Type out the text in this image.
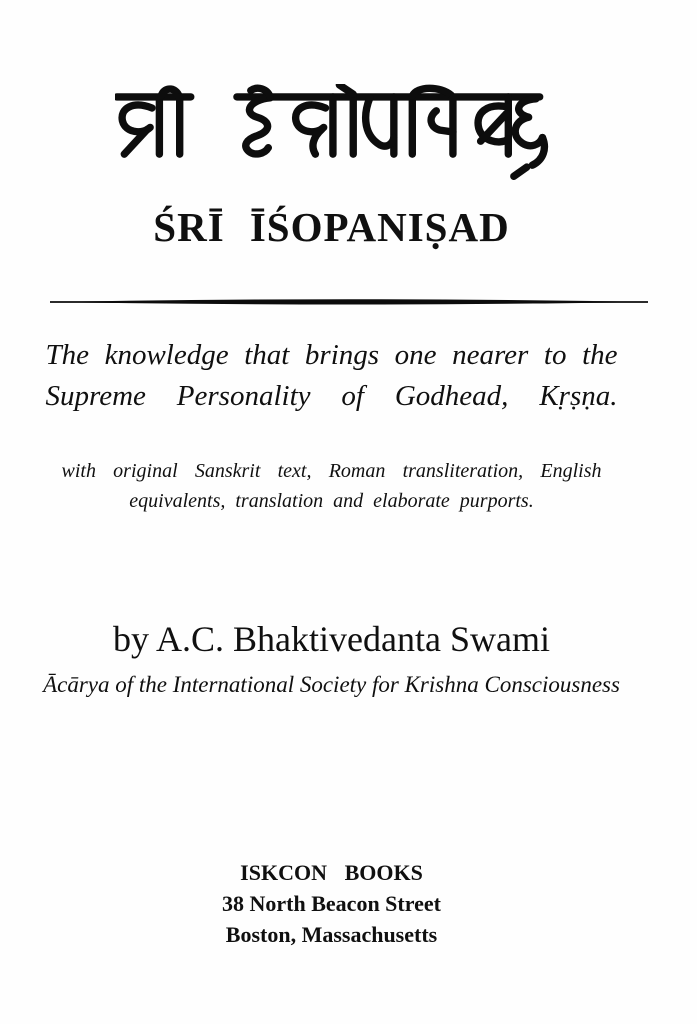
ŚRĪ ĪŚOPANIṢAD
The knowledge that brings one nearer to the
Supreme Personality of Godhead, Kṛṣṇa.
with original Sanskrit text, Roman transliteration, English
equivalents, translation and elaborate purports.
by A.C. Bhaktivedanta Swami
Ācārya of the International Society for Krishna Consciousness
ISKCON BOOKS
38 North Beacon Street
Boston, Massachusetts
